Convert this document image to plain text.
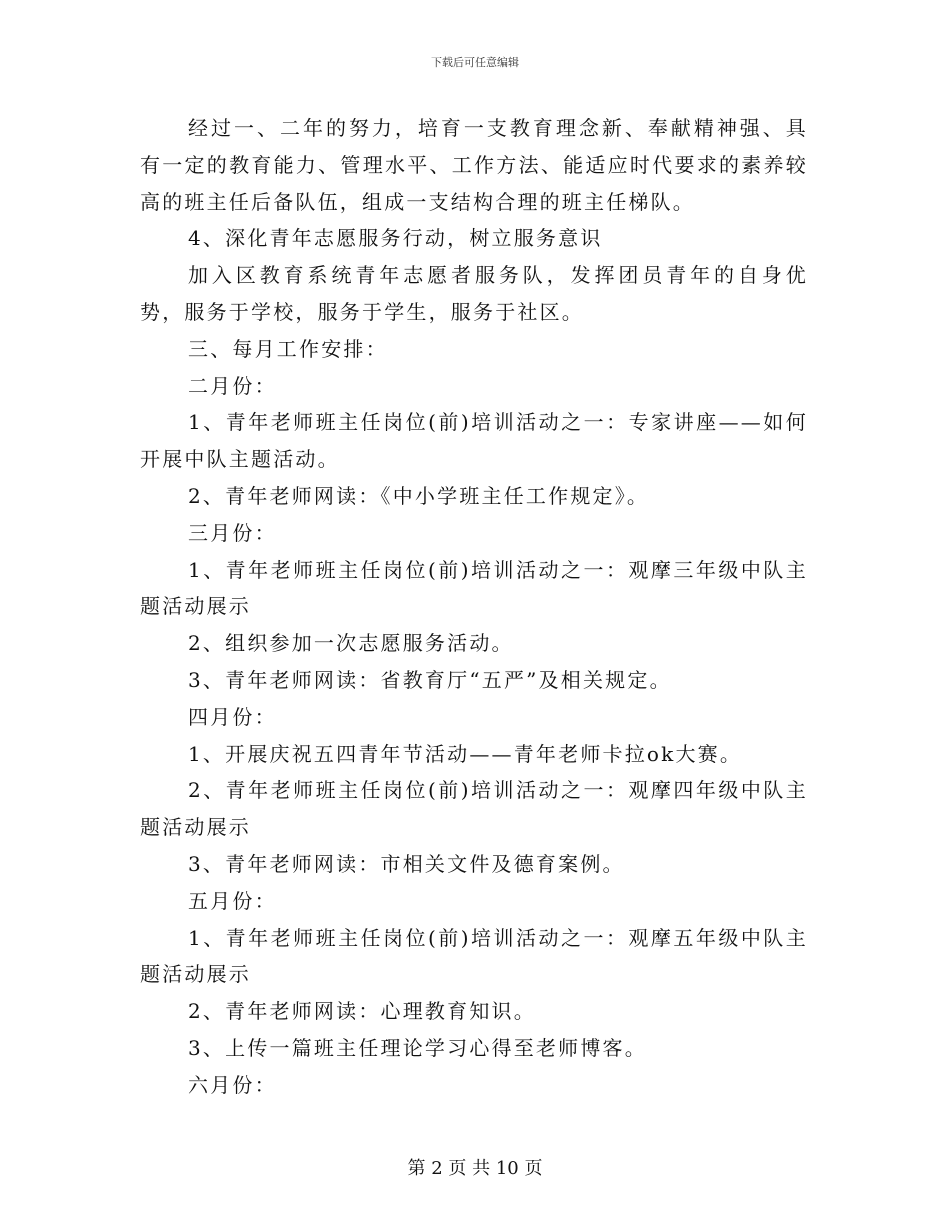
下载后可任意编辑

经过一、二年的努力，培育一支教育理念新、奉献精神强、具有一定的教育能力、管理水平、工作方法、能适应时代要求的素养较高的班主任后备队伍，组成一支结构合理的班主任梯队。

4、深化青年志愿服务行动，树立服务意识

加入区教育系统青年志愿者服务队，发挥团员青年的自身优势，服务于学校，服务于学生，服务于社区。

三、每月工作安排：

二月份：

1、青年老师班主任岗位(前)培训活动之一：专家讲座——如何开展中队主题活动。

2、青年老师网读：《中小学班主任工作规定》。

三月份：

1、青年老师班主任岗位(前)培训活动之一：观摩三年级中队主题活动展示

2、组织参加一次志愿服务活动。

3、青年老师网读：省教育厅“五严”及相关规定。

四月份：

1、开展庆祝五四青年节活动——青年老师卡拉ok大赛。

2、青年老师班主任岗位(前)培训活动之一：观摩四年级中队主题活动展示

3、青年老师网读：市相关文件及德育案例。

五月份：

1、青年老师班主任岗位(前)培训活动之一：观摩五年级中队主题活动展示

2、青年老师网读：心理教育知识。

3、上传一篇班主任理论学习心得至老师博客。

六月份：

第 2 页 共 10 页
